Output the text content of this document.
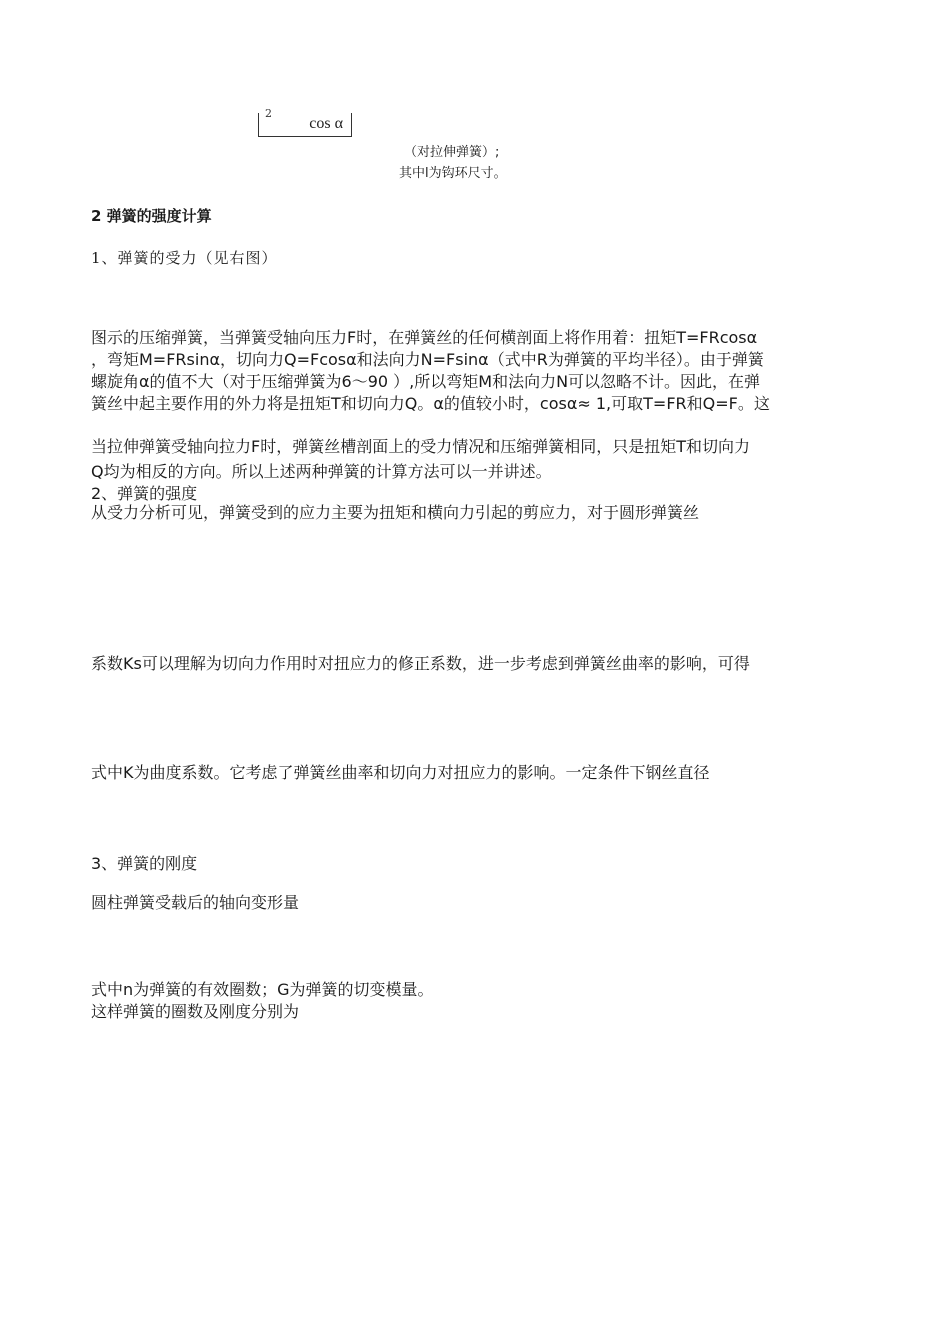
2
cos α
（对拉伸弹簧）;
其中l为钩环尺寸。
2 弹簧的强度计算
1、弹簧的受力（见右图）
图示的压缩弹簧，当弹簧受轴向压力F时，在弹簧丝的任何横剖面上将作用着：扭矩T=FRcosα
，弯矩M=FRsinα，切向力Q=Fcosα和法向力N=Fsinα（式中R为弹簧的平均半径）。由于弹簧
螺旋角α的值不大（对于压缩弹簧为6～90 ）,所以弯矩M和法向力N可以忽略不计。因此，在弹
簧丝中起主要作用的外力将是扭矩T和切向力Q。α的值较小时，cosα≈ 1,可取T=FR和Q=F。这
当拉伸弹簧受轴向拉力F时，弹簧丝槽剖面上的受力情况和压缩弹簧相同，只是扭矩T和切向力
Q均为相反的方向。所以上述两种弹簧的计算方法可以一并讲述。
2、弹簧的强度
从受力分析可见，弹簧受到的应力主要为扭矩和横向力引起的剪应力，对于圆形弹簧丝
系数Ks可以理解为切向力作用时对扭应力的修正系数，进一步考虑到弹簧丝曲率的影响，可得
式中K为曲度系数。它考虑了弹簧丝曲率和切向力对扭应力的影响。一定条件下钢丝直径
3、弹簧的刚度
圆柱弹簧受载后的轴向变形量
式中n为弹簧的有效圈数；G为弹簧的切变模量。
这样弹簧的圈数及刚度分别为
